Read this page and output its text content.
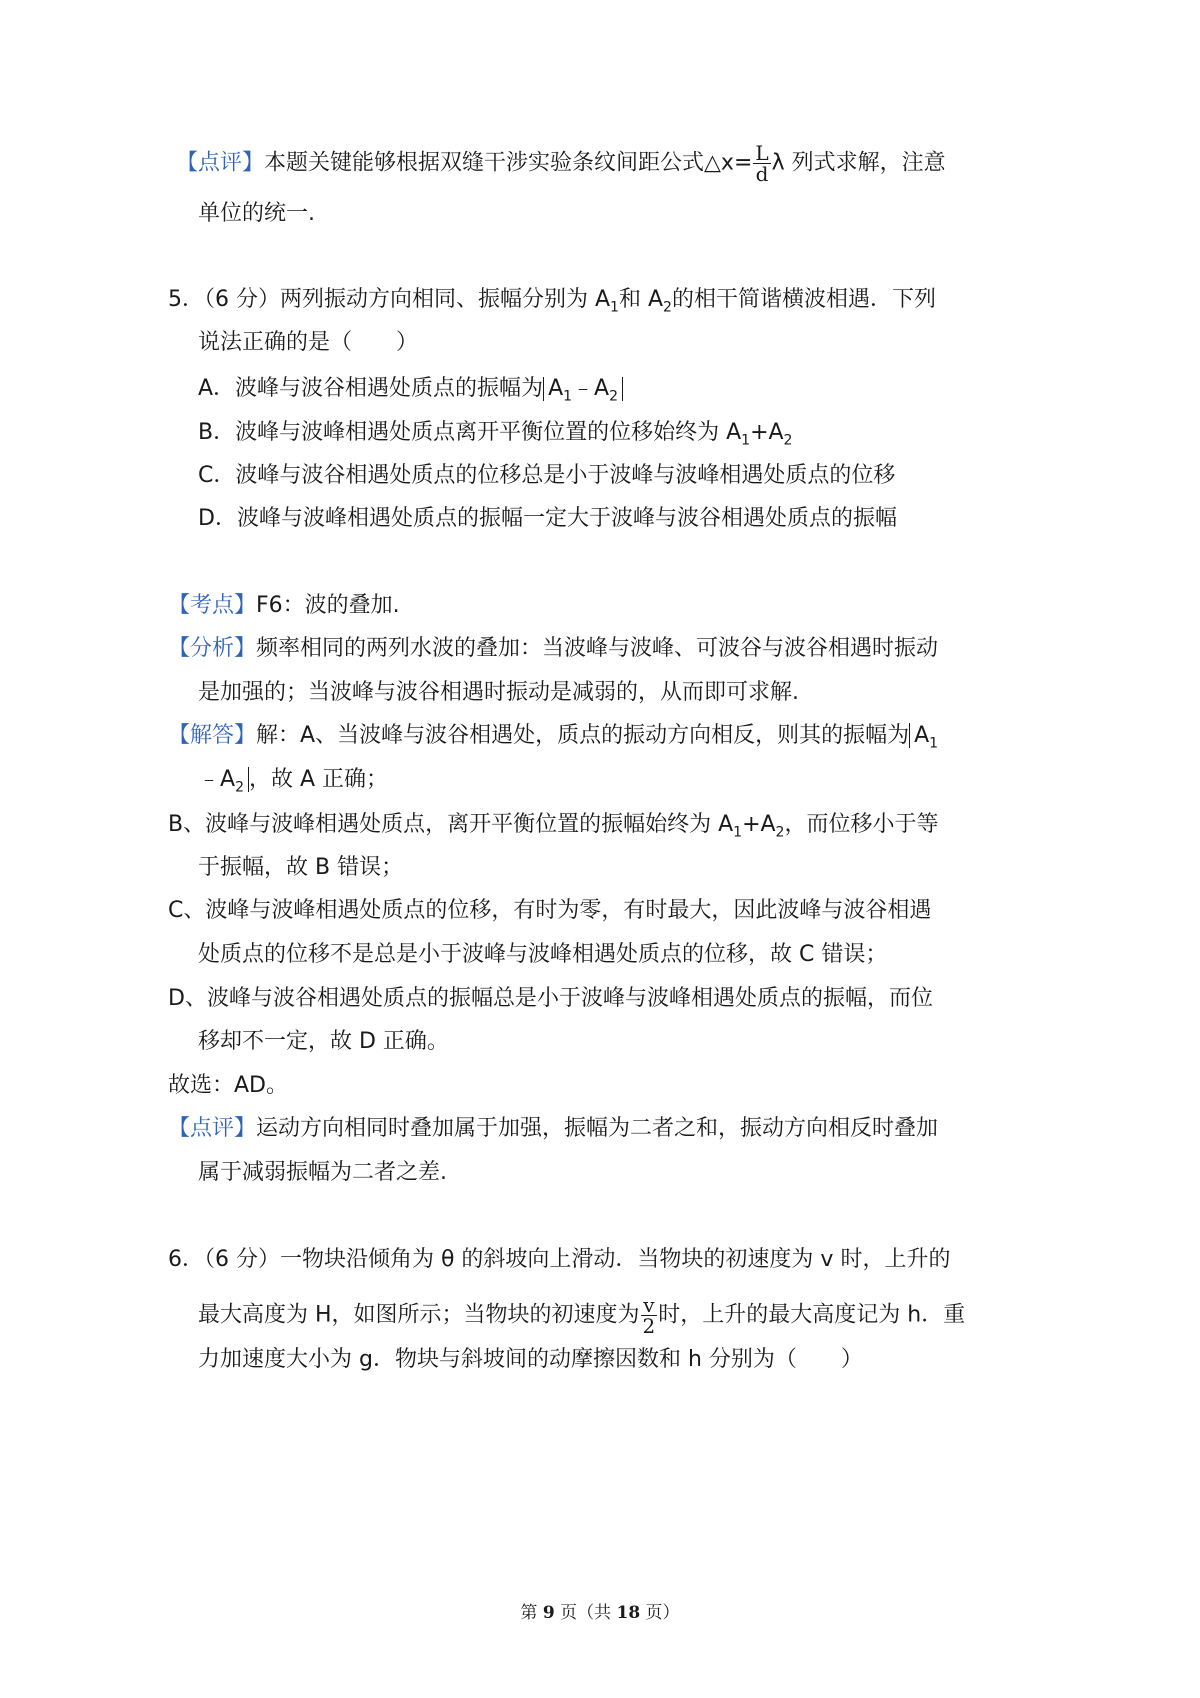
【点评】本题关键能够根据双缝干涉实验条纹间距公式△x= $\frac{L}{d}$ λ 列式求解，注意
单位的统一.
5．（6 分）两列振动方向相同、振幅分别为 $A_1$和 $A_2$的相干简谐横波相遇．下列
说法正确的是（　　）
A．波峰与波谷相遇处质点的振幅为 $A_1﹣A_2$
B．波峰与波峰相遇处质点离开平衡位置的位移始终为 $A_1+A_2$
C．波峰与波谷相遇处质点的位移总是小于波峰与波峰相遇处质点的位移
D．波峰与波峰相遇处质点的振幅一定大于波峰与波谷相遇处质点的振幅
【考点】F6：波的叠加.
【分析】频率相同的两列水波的叠加：当波峰与波峰、可波谷与波谷相遇时振动
是加强的；当波峰与波谷相遇时振动是减弱的，从而即可求解.
【解答】解：A、当波峰与波谷相遇处，质点的振动方向相反，则其的振幅为 $A_1$
$﹣A_2$ ，故 A 正确；
B、波峰与波峰相遇处质点，离开平衡位置的振幅始终为 $A_1+A_2$，而位移小于等
于振幅，故 B 错误；
C、波峰与波峰相遇处质点的位移，有时为零，有时最大，因此波峰与波谷相遇
处质点的位移不是总是小于波峰与波峰相遇处质点的位移，故 C 错误；
D、波峰与波谷相遇处质点的振幅总是小于波峰与波峰相遇处质点的振幅，而位
移却不一定，故 D 正确。
故选：AD。
【点评】运动方向相同时叠加属于加强，振幅为二者之和，振动方向相反时叠加
属于减弱振幅为二者之差.
6．（6 分）一物块沿倾角为 θ 的斜坡向上滑动．当物块的初速度为 v 时，上升的
最大高度为 H，如图所示；当物块的初速度为 $\frac{v}{2}$ 时，上升的最大高度记为 h．重
力加速度大小为 g．物块与斜坡间的动摩擦因数和 h 分别为（　　）
第 9 页（共 18 页）
